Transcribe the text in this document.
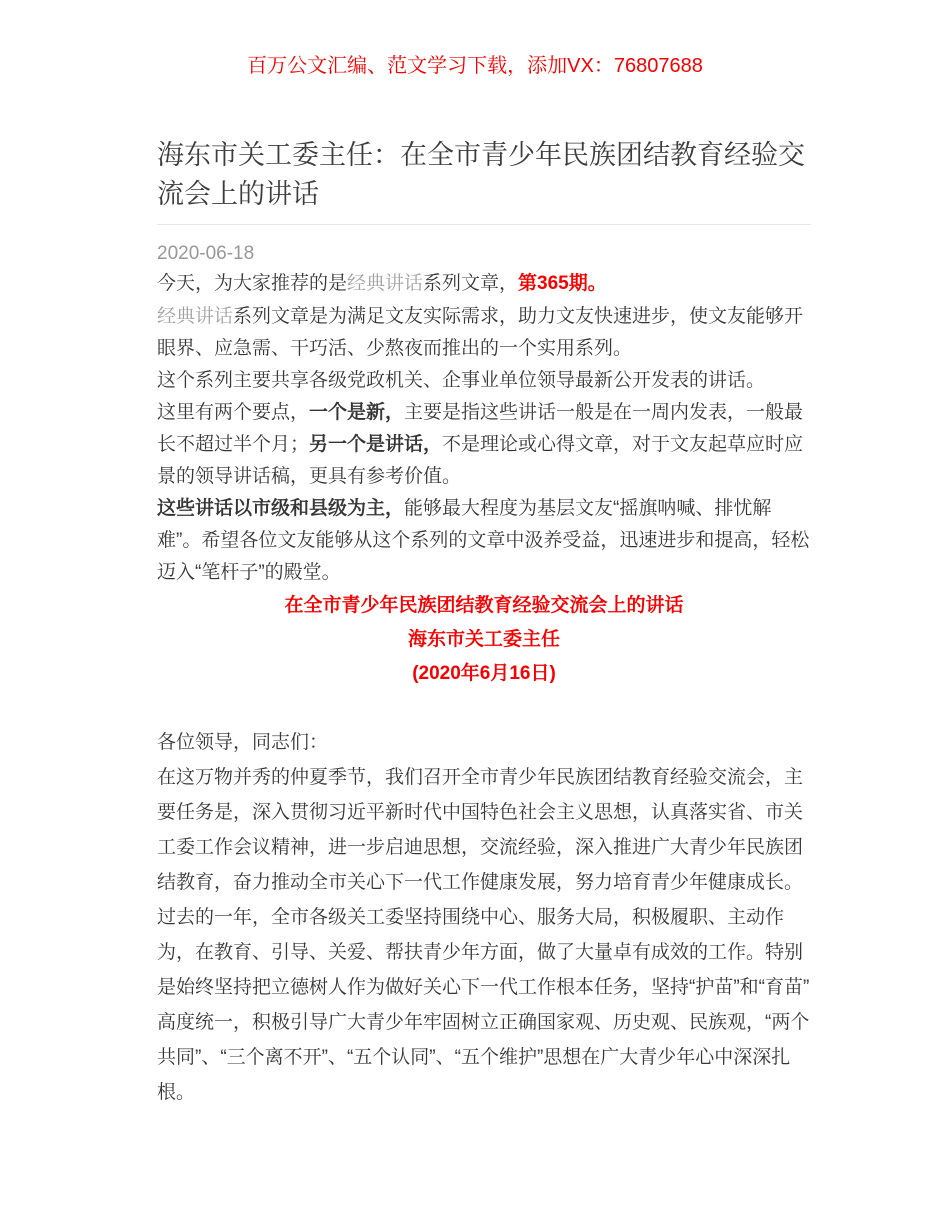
百万公文汇编、范文学习下载，添加VX：76807688
海东市关工委主任：在全市青少年民族团结教育经验交流会上的讲话
2020-06-18

今天，为大家推荐的是经典讲话系列文章，第365期。

经典讲话系列文章是为满足文友实际需求，助力文友快速进步，使文友能够开眼界、应急需、干巧活、少熬夜而推出的一个实用系列。

这个系列主要共享各级党政机关、企事业单位领导最新公开发表的讲话。

这里有两个要点，一个是新，主要是指这些讲话一般是在一周内发表，一般最长不超过半个月；另一个是讲话，不是理论或心得文章，对于文友起草应时应景的领导讲话稿，更具有参考价值。

这些讲话以市级和县级为主，能够最大程度为基层文友“摇旗呐喊、排忧解难”。希望各位文友能够从这个系列的文章中汲养受益，迅速进步和提高，轻松迈入“笔杆子”的殿堂。

在全市青少年民族团结教育经验交流会上的讲话

海东市关工委主任

(2020年6月16日)

各位领导，同志们：

在这万物并秀的仲夏季节，我们召开全市青少年民族团结教育经验交流会，主要任务是，深入贯彻习近平新时代中国特色社会主义思想，认真落实省、市关工委工作会议精神，进一步启迪思想，交流经验，深入推进广大青少年民族团结教育，奋力推动全市关心下一代工作健康发展，努力培育青少年健康成长。

过去的一年，全市各级关工委坚持围绕中心、服务大局，积极履职、主动作为，在教育、引导、关爱、帮扶青少年方面，做了大量卓有成效的工作。特别是始终坚持把立德树人作为做好关心下一代工作根本任务，坚持“护苗”和“育苗”高度统一，积极引导广大青少年牢固树立正确国家观、历史观、民族观，“两个共同”、“三个离不开”、“五个认同”、“五个维护”思想在广大青少年心中深深扎根。
